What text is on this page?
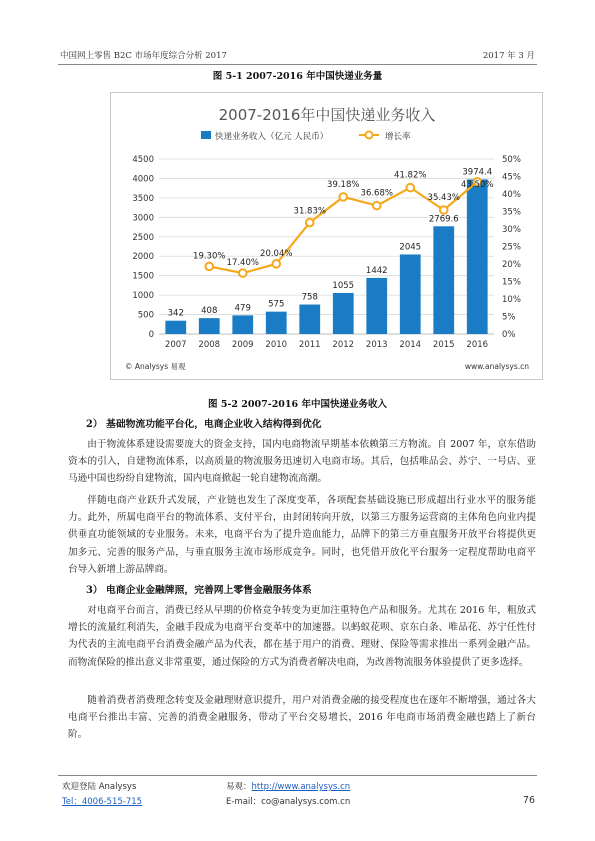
中国网上零售 B2C 市场年度综合分析 2017	2017 年 3 月
图 5-1 2007-2016 年中国快递业务量
2007-2016年中国快递业务收入
快递业务收入（亿元 人民币）	增长率
0
500
1000
1500
2000
2500
3000
3500
4000
4500
0%
5%
10%
15%
20%
25%
30%
35%
40%
45%
50%
342 408 479 575
758
1055
1442
2045
2769.6
3974.4
2007 2008 2009 2010 2011 2012 2013 2014 2015 2016
19.30%
17.40%
20.04%
31.83%
39.18%
36.68%
41.82%
35.43%
43.50%
© Analysys 易观	www.analysys.cn
图 5-2 2007-2016 年中国快递业务收入
2） 基础物流功能平台化，电商企业收入结构得到优化
由于物流体系建设需要庞大的资金支持，国内电商物流早期基本依赖第三方物流。自 2007 年，京东借助资本的引入，自建物流体系，以高质量的物流服务迅速切入电商市场。其后，包括唯品会、苏宁、一号店、亚马逊中国也纷纷自建物流，国内电商掀起一轮自建物流高潮。
伴随电商产业跃升式发展，产业链也发生了深度变革，各项配套基础设施已形成超出行业水平的服务能力。此外，所属电商平台的物流体系、支付平台，由封闭转向开放，以第三方服务运营商的主体角色向业内提供垂直功能领域的专业服务。未来，电商平台为了提升造血能力，品牌下的第三方垂直服务开放平台将提供更加多元、完善的服务产品，与垂直服务主流市场形成竞争。同时，也凭借开放化平台服务一定程度帮助电商平台导入新增上游品牌商。
3） 电商企业金融牌照，完善网上零售金融服务体系
对电商平台而言，消费已经从早期的价格竞争转变为更加注重特色产品和服务。尤其在 2016 年，粗放式增长的流量红利消失，金融手段成为电商平台变革中的加速器。以蚂蚁花呗、京东白条、唯品花、苏宁任性付为代表的主流电商平台消费金融产品为代表，都在基于用户的消费、理财、保险等需求推出一系列金融产品。而物流保险的推出意义非常重要，通过保险的方式为消费者解决电商，为改善物流服务体验提供了更多选择。
随着消费者消费理念转变及金融理财意识提升，用户对消费金融的接受程度也在逐年不断增强，通过各大电商平台推出丰富、完善的消费金融服务，带动了平台交易增长，2016 年电商市场消费金融也踏上了新台阶。
欢迎登陆 Analysys
Tel：4006-515-715
易观：http://www.analysys.cn
E-mail：co@analysys.com.cn	76
